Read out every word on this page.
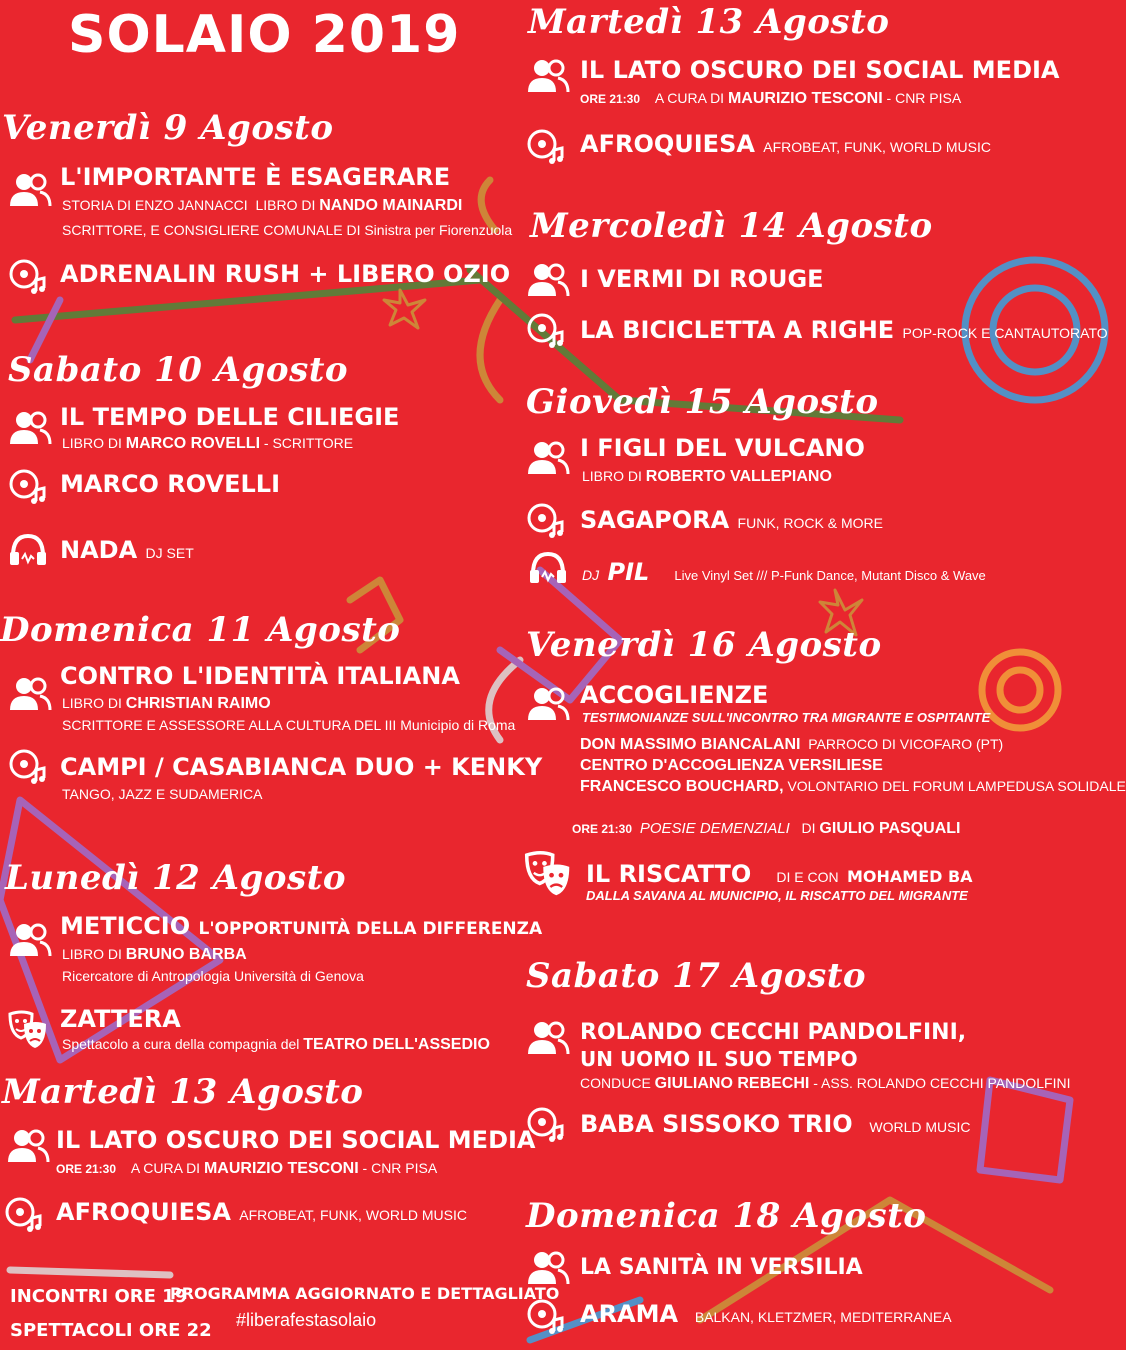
SOLAIO 2019
Venerdì 9 Agosto
L'IMPORTANTE È ESAGERARE
STORIA DI ENZO JANNACCI LIBRO DI NANDO MAINARDI
SCRITTORE, E CONSIGLIERE COMUNALE DI Sinistra per Fiorenzuola
ADRENALIN RUSH + LIBERO OZIO
Sabato 10 Agosto
IL TEMPO DELLE CILIEGIE
LIBRO DI MARCO ROVELLI - SCRITTORE
MARCO ROVELLI
NADA DJ SET
Domenica 11 Agosto
CONTRO L'IDENTITÀ ITALIANA
LIBRO DI CHRISTIAN RAIMO
SCRITTORE E ASSESSORE ALLA CULTURA DEL III Municipio di Roma
CAMPI / CASABIANCA DUO + KENKY
TANGO, JAZZ E SUDAMERICA
Lunedì 12 Agosto
METICCIO L'OPPORTUNITÀ DELLA DIFFERENZA
LIBRO DI BRUNO BARBA
Ricercatore di Antropologia Università di Genova
ZATTERA
Spettacolo a cura della compagnia del TEATRO DELL'ASSEDIO
Martedì 13 Agosto
IL LATO OSCURO DEI SOCIAL MEDIA
ORE 21:30 A CURA DI MAURIZIO TESCONI - CNR PISA
AFROQUIESA AFROBEAT, FUNK, WORLD MUSIC
INCONTRI ORE 19
SPETTACOLI ORE 22
PROGRAMMA AGGIORNATO E DETTAGLIATO
#liberafestasolaio
Martedì 13 Agosto
IL LATO OSCURO DEI SOCIAL MEDIA
ORE 21:30 A CURA DI MAURIZIO TESCONI - CNR PISA
AFROQUIESA AFROBEAT, FUNK, WORLD MUSIC
Mercoledì 14 Agosto
I VERMI DI ROUGE
LA BICICLETTA A RIGHE POP-ROCK E CANTAUTORATO
Giovedì 15 Agosto
I FIGLI DEL VULCANO
LIBRO DI ROBERTO VALLEPIANO
SAGAPORA FUNK, ROCK & MORE
DJ PIL Live Vinyl Set /// P-Funk Dance, Mutant Disco & Wave
Venerdì 16 Agosto
ACCOGLIENZE
TESTIMONIANZE SULL'INCONTRO TRA MIGRANTE E OSPITANTE
DON MASSIMO BIANCALANI PARROCO DI VICOFARO (PT)
CENTRO D'ACCOGLIENZA VERSILIESE
FRANCESCO BOUCHARD, VOLONTARIO DEL FORUM LAMPEDUSA SOLIDALE
ORE 21:30 POESIE DEMENZIALI DI GIULIO PASQUALI
IL RISCATTO DI E CON MOHAMED BA
DALLA SAVANA AL MUNICIPIO, IL RISCATTO DEL MIGRANTE
Sabato 17 Agosto
ROLANDO CECCHI PANDOLFINI,
UN UOMO IL SUO TEMPO
CONDUCE GIULIANO REBECHI - ASS. ROLANDO CECCHI PANDOLFINI
BABA SISSOKO TRIO WORLD MUSIC
Domenica 18 Agosto
LA SANITÀ IN VERSILIA
ARAMA BALKAN, KLETZMER, MEDITERRANEA
